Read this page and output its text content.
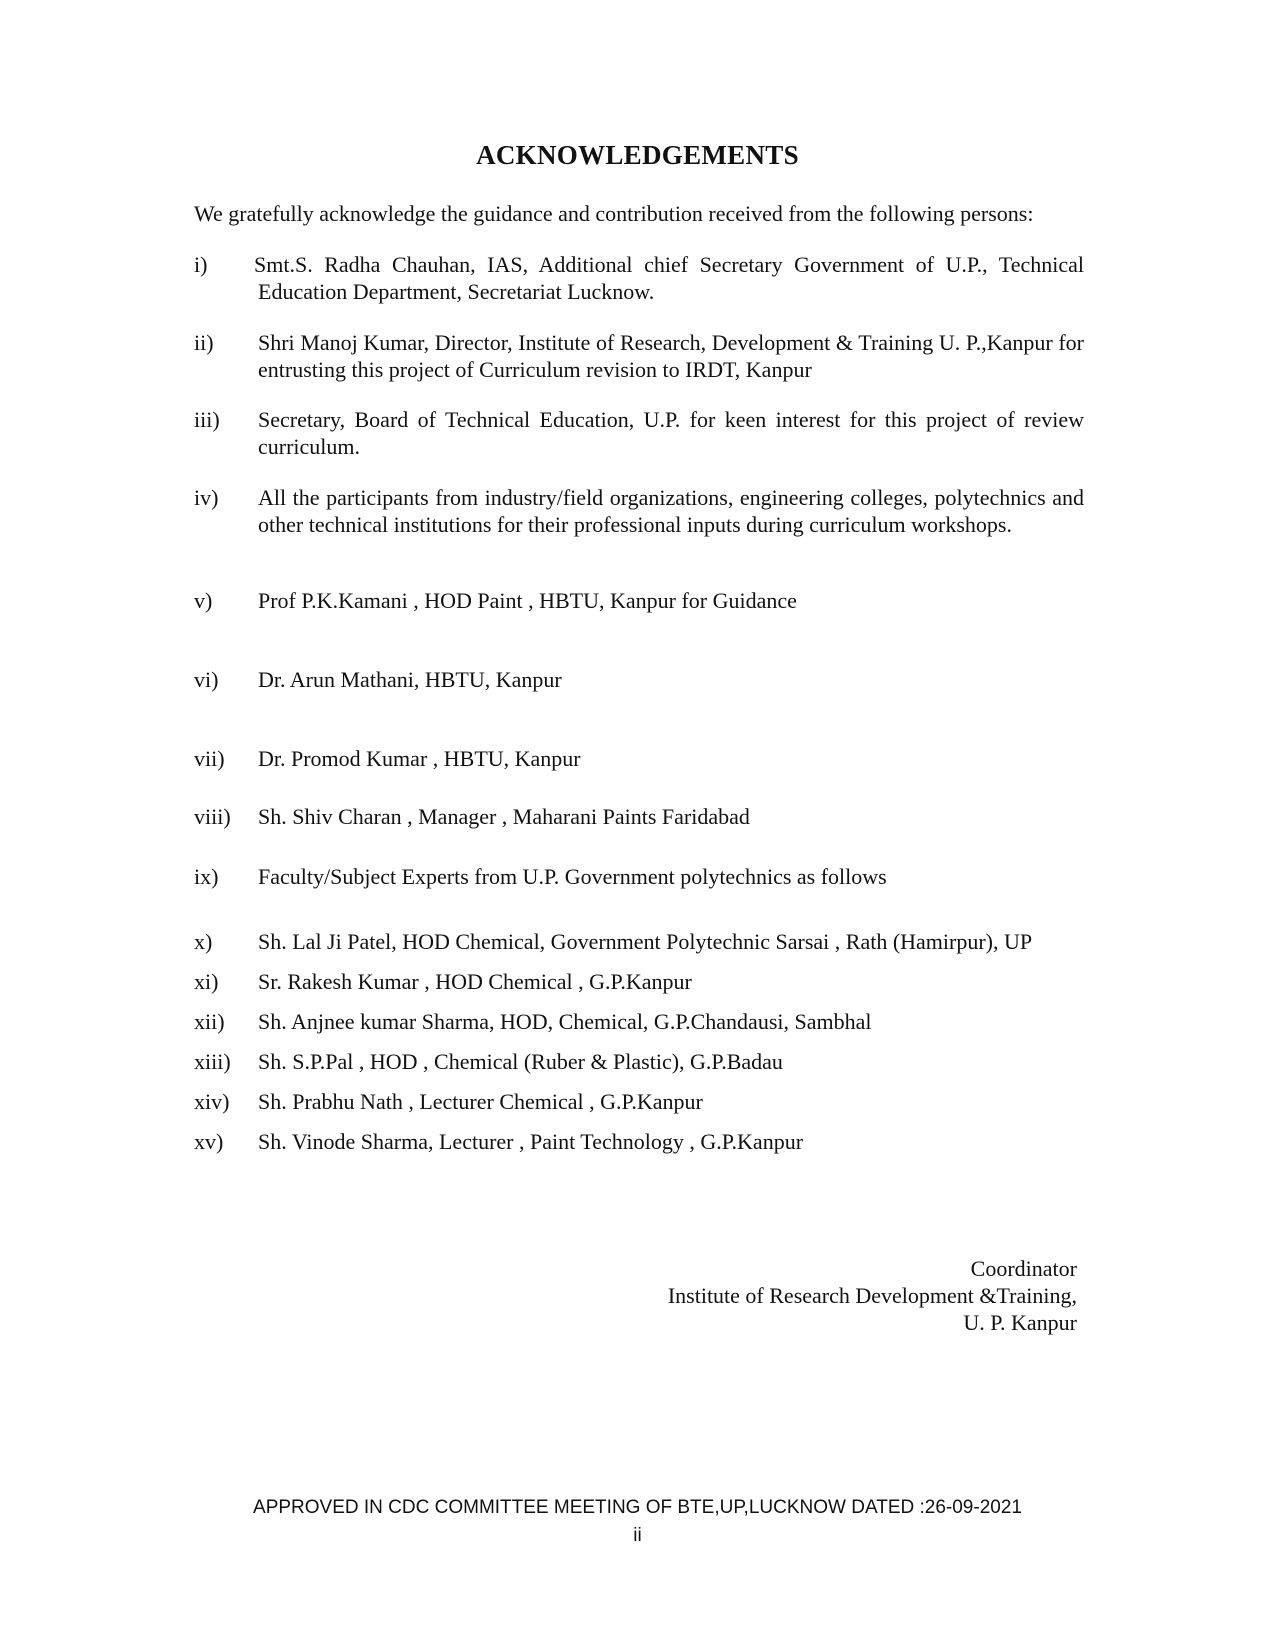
ACKNOWLEDGEMENTS
We gratefully acknowledge the guidance and contribution received from the following persons:
i)	Smt.S. Radha Chauhan, IAS, Additional chief Secretary Government of U.P., Technical Education Department, Secretariat Lucknow.
ii)	Shri Manoj Kumar, Director, Institute of Research, Development & Training U. P.,Kanpur for entrusting this project of Curriculum revision to IRDT, Kanpur
iii)	Secretary, Board of Technical Education, U.P. for keen interest for this project of review curriculum.
iv)	All the participants from industry/field organizations, engineering colleges, polytechnics and other technical institutions for their professional inputs during curriculum workshops.
v)	Prof P.K.Kamani , HOD Paint , HBTU, Kanpur for Guidance
vi)	Dr. Arun Mathani, HBTU, Kanpur
vii)	Dr. Promod Kumar , HBTU, Kanpur
viii)	Sh. Shiv Charan , Manager , Maharani Paints Faridabad
ix)	Faculty/Subject Experts from U.P. Government polytechnics as follows
x)	Sh. Lal Ji Patel, HOD Chemical, Government Polytechnic Sarsai , Rath (Hamirpur), UP
xi)	Sr. Rakesh Kumar , HOD Chemical , G.P.Kanpur
xii)	Sh. Anjnee kumar Sharma, HOD, Chemical, G.P.Chandausi, Sambhal
xiii)	Sh. S.P.Pal , HOD , Chemical (Ruber & Plastic), G.P.Badau
xiv)	Sh. Prabhu Nath , Lecturer Chemical , G.P.Kanpur
xv)	Sh. Vinode Sharma, Lecturer , Paint Technology , G.P.Kanpur
Coordinator
Institute of Research Development &Training,
U. P. Kanpur
APPROVED IN CDC COMMITTEE MEETING OF BTE,UP,LUCKNOW DATED :26-09-2021
ii
